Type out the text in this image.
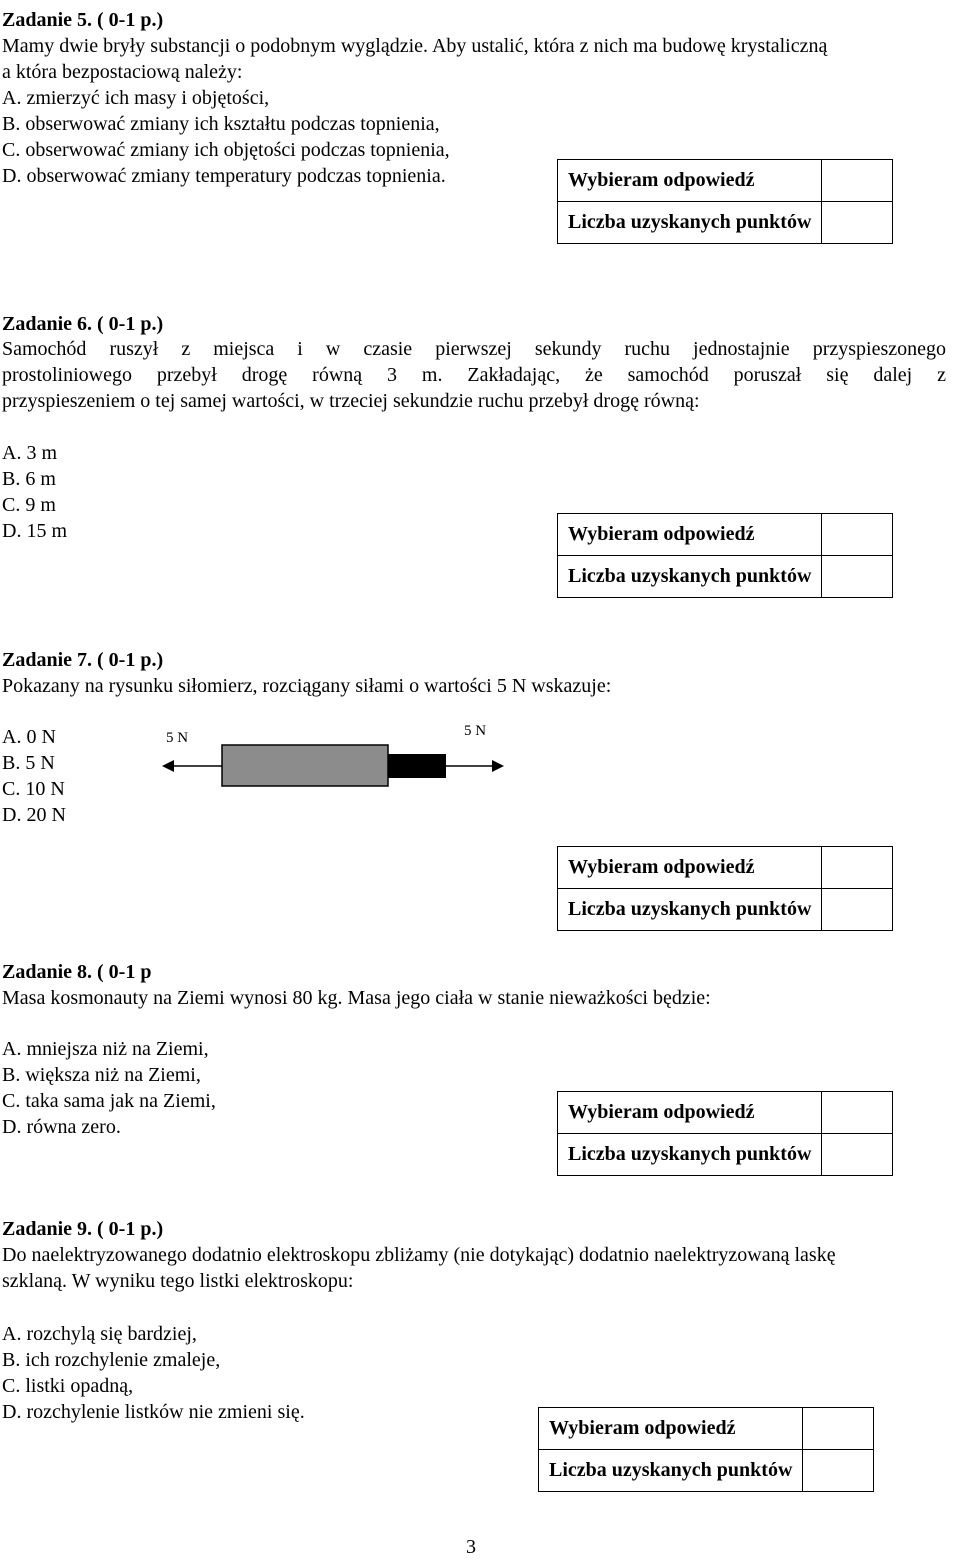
Zadanie 5. ( 0-1 p.)
Mamy dwie bryły substancji o podobnym wyglądzie. Aby ustalić, która z nich ma budowę krystaliczną
a która bezpostaciową należy:
A. zmierzyć ich masy i objętości,
B. obserwować zmiany ich kształtu podczas topnienia,
C. obserwować zmiany ich objętości podczas topnienia,
D. obserwować zmiany temperatury podczas topnienia.	Wybieram odpowiedź	
Liczba uzyskanych punktów	
Zadanie 6. ( 0-1 p.)
Samochód ruszył z miejsca i w czasie pierwszej sekundy ruchu jednostajnie przyspieszonego
prostoliniowego przebył drogę równą 3 m. Zakładając, że samochód poruszał się dalej z
przyspieszeniem o tej samej wartości, w trzeciej sekundzie ruchu przebył drogę równą:
A. 3 m
B. 6 m
C. 9 m
D. 15 m	Wybieram odpowiedź	
Liczba uzyskanych punktów	
Zadanie 7. ( 0-1 p.)
Pokazany na rysunku siłomierz, rozciągany siłami o wartości 5 N wskazuje:
A. 0 N
B. 5 N
C. 10 N
D. 20 N
5 N	5 N
Wybieram odpowiedź	
Liczba uzyskanych punktów	
Zadanie 8. ( 0-1 p
Masa kosmonauty na Ziemi wynosi 80 kg. Masa jego ciała w stanie nieważkości będzie:
A. mniejsza niż na Ziemi,
B. większa niż na Ziemi,
C. taka sama jak na Ziemi,
D. równa zero.
Wybieram odpowiedź	
Liczba uzyskanych punktów	
Zadanie 9. ( 0-1 p.)
Do naelektryzowanego dodatnio elektroskopu zbliżamy (nie dotykając) dodatnio naelektryzowaną laskę
szklaną. W wyniku tego listki elektroskopu:
A. rozchylą się bardziej,
B. ich rozchylenie zmaleje,
C. listki opadną,
D. rozchylenie listków nie zmieni się.
Wybieram odpowiedź	
Liczba uzyskanych punktów	
3
